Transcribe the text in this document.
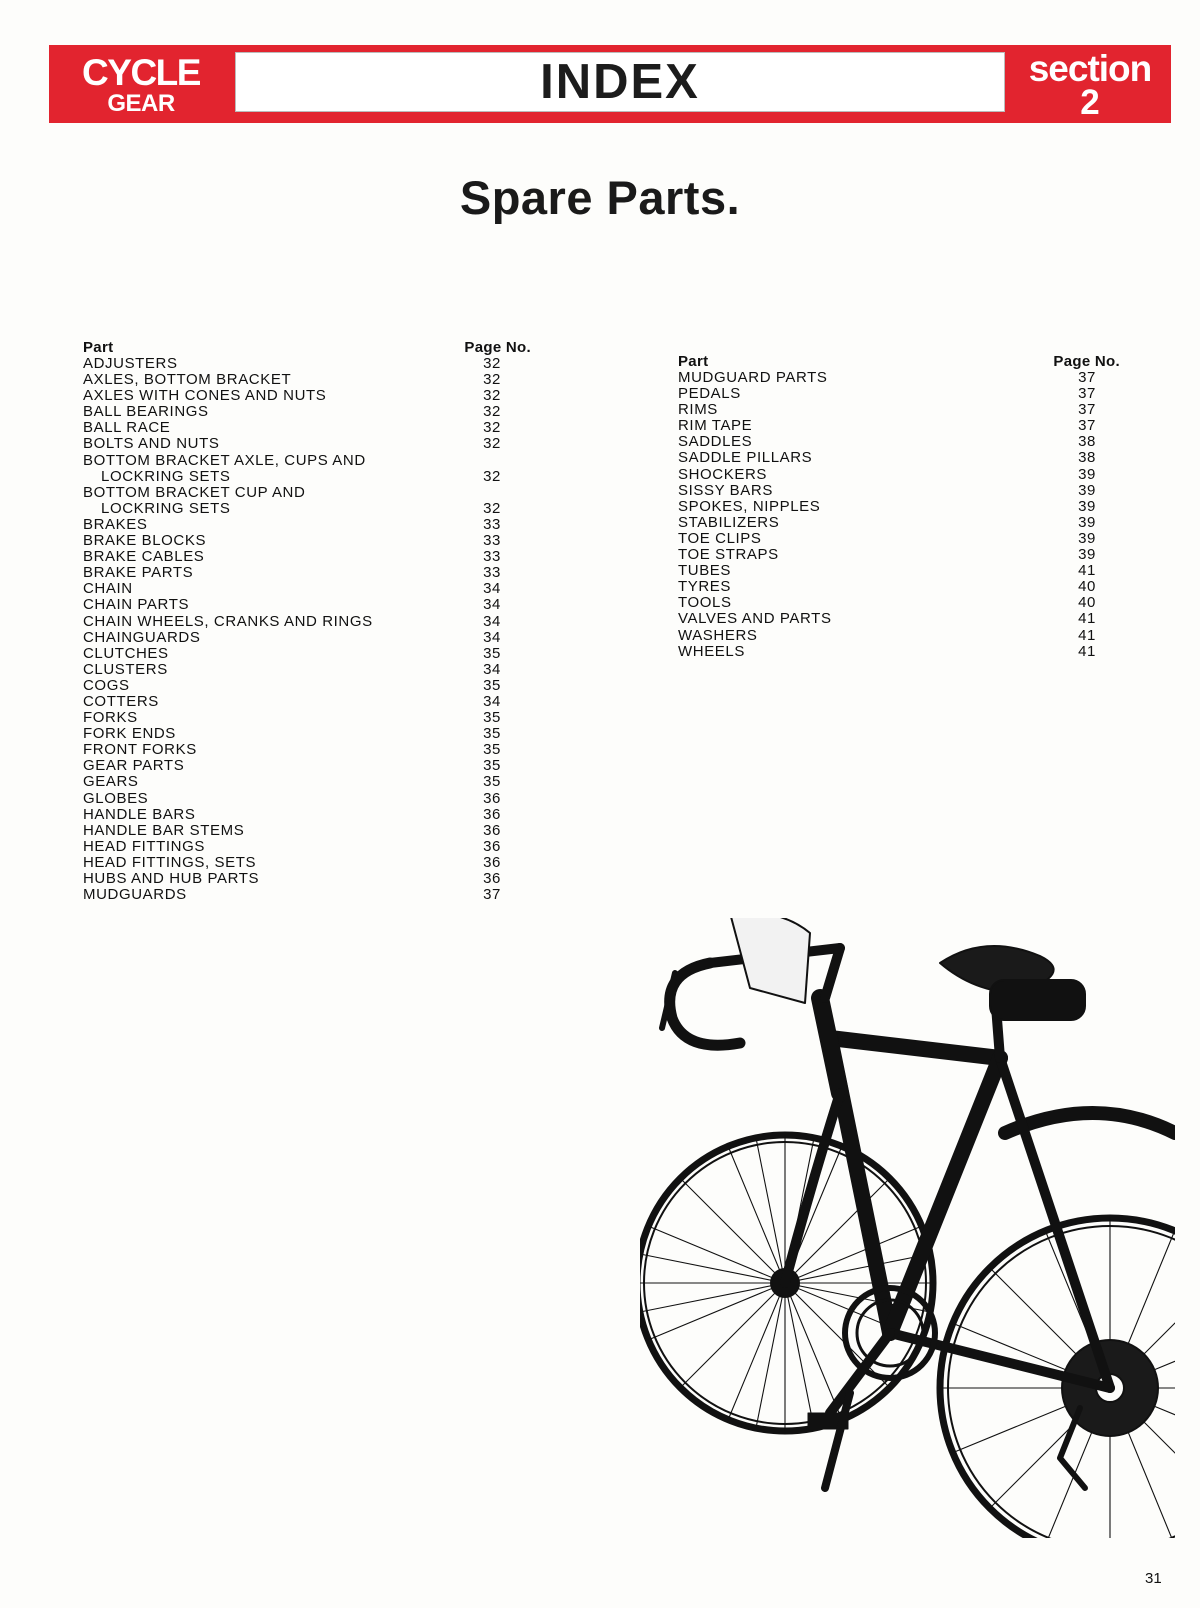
CYCLE
GEAR	INDEX	section
2
Spare Parts.
Part	Page No.
ADJUSTERS	32
AXLES, BOTTOM BRACKET	32
AXLES WITH CONES AND NUTS	32
BALL BEARINGS	32
BALL RACE	32
BOLTS AND NUTS	32
BOTTOM BRACKET AXLE, CUPS AND
LOCKRING SETS	32
BOTTOM BRACKET CUP AND
LOCKRING SETS	32
BRAKES	33
BRAKE BLOCKS	33
BRAKE CABLES	33
BRAKE PARTS	33
CHAIN	34
CHAIN PARTS	34
CHAIN WHEELS, CRANKS AND RINGS	34
CHAINGUARDS	34
CLUTCHES	35
CLUSTERS	34
COGS	35
COTTERS	34
FORKS	35
FORK ENDS	35
FRONT FORKS	35
GEAR PARTS	35
GEARS	35
GLOBES	36
HANDLE BARS	36
HANDLE BAR STEMS	36
HEAD FITTINGS	36
HEAD FITTINGS, SETS	36
HUBS AND HUB PARTS	36
MUDGUARDS	37
Part	Page No.
MUDGUARD PARTS	37
PEDALS	37
RIMS	37
RIM TAPE	37
SADDLES	38
SADDLE PILLARS	38
SHOCKERS	39
SISSY BARS	39
SPOKES, NIPPLES	39
STABILIZERS	39
TOE CLIPS	39
TOE STRAPS	39
TUBES	41
TYRES	40
TOOLS	40
VALVES AND PARTS	41
WASHERS	41
WHEELS	41
31
